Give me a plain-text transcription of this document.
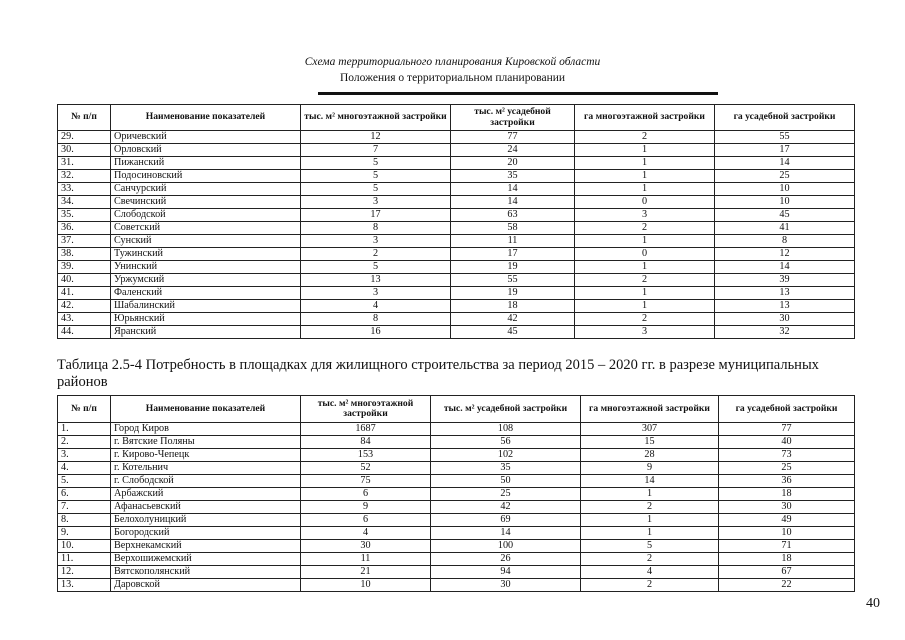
Схема территориального планирования Кировской области
Положения о территориальном планировании
№ п/п	Наименование показателей	тыс. м² многоэтажной застройки	тыс. м² усадебной застройки	га многоэтажной застройки	га усадебной застройки
29.	Оричевский	12	77	2	55
30.	Орловский	7	24	1	17
31.	Пижанский	5	20	1	14
32.	Подосиновский	5	35	1	25
33.	Санчурский	5	14	1	10
34.	Свечинский	3	14	0	10
35.	Слободской	17	63	3	45
36.	Советский	8	58	2	41
37.	Сунский	3	11	1	8
38.	Тужинский	2	17	0	12
39.	Унинский	5	19	1	14
40.	Уржумский	13	55	2	39
41.	Фаленский	3	19	1	13
42.	Шабалинский	4	18	1	13
43.	Юрьянский	8	42	2	30
44.	Яранский	16	45	3	32
Таблица 2.5-4 Потребность в площадках для жилищного строительства за период 2015 – 2020 гг. в разрезе муниципальных районов
№ п/п	Наименование показателей	тыс. м² многоэтажной застройки	тыс. м² усадебной застройки	га многоэтажной застройки	га усадебной застройки
1.	Город Киров	1687	108	307	77
2.	г. Вятские Поляны	84	56	15	40
3.	г. Кирово-Чепецк	153	102	28	73
4.	г. Котельнич	52	35	9	25
5.	г. Слободской	75	50	14	36
6.	Арбажский	6	25	1	18
7.	Афанасьевский	9	42	2	30
8.	Белохолуницкий	6	69	1	49
9.	Богородский	4	14	1	10
10.	Верхнекамский	30	100	5	71
11.	Верхошижемский	11	26	2	18
12.	Вятскополянский	21	94	4	67
13.	Даровской	10	30	2	22
40
